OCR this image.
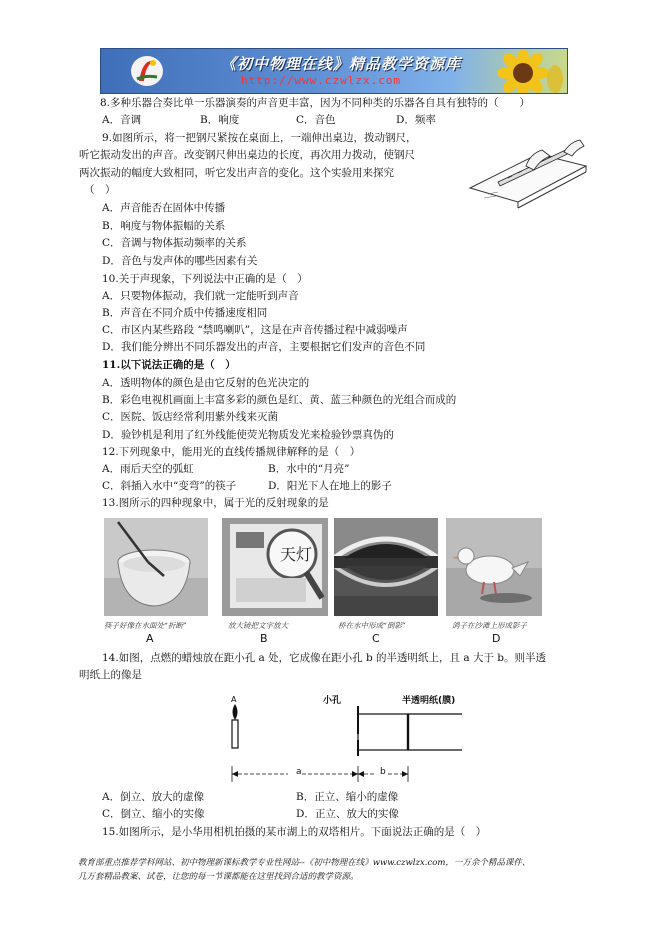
《初中物理在线》精品教学资源库
http://www.czwlzx.com
8.多种乐器合奏比单一乐器演奏的声音更丰富，因为不同种类的乐器各自具有独特的（　　）
A．音调	B．响度	C．音色	D．频率
9.如图所示，将一把钢尺紧按在桌面上，一端伸出桌边，拨动钢尺，
听它振动发出的声音。改变钢尺伸出桌边的长度，再次用力拨动，使钢尺
两次振动的幅度大致相同，听它发出声音的变化。这个实验用来探究
（　）
A．声音能否在固体中传播
B．响度与物体振幅的关系
C．音调与物体振动频率的关系
D．音色与发声体的哪些因素有关
10.关于声现象，下列说法中正确的是（　）
A．只要物体振动，我们就一定能听到声音
B．声音在不同介质中传播速度相同
C．市区内某些路段 “禁鸣喇叭”，这是在声音传播过程中减弱噪声
D．我们能分辨出不同乐器发出的声音，主要根据它们发声的音色不同
11.以下说法正确的是（　）
A．透明物体的颜色是由它反射的色光决定的
B．彩色电视机画面上丰富多彩的颜色是红、黄、蓝三种颜色的光组合而成的
C．医院、饭店经常利用紫外线来灭菌
D．验钞机是利用了红外线能使荧光物质发光来检验钞票真伪的
12.下列现象中，能用光的直线传播规律解释的是（　）
A．雨后天空的弧虹	B．水中的“月亮”
C．斜插入水中“变弯”的筷子	D．阳光下人在地上的影子
13.图所示的四种现象中，属于光的反射现象的是
天灯
筷子好像在水面处“折断”	放大镜把文字放大	桥在水中形成“倒影”	鸽子在沙滩上形成影子
A	B	C	D
14.如图，点燃的蜡烛放在距小孔 a 处，它成像在距小孔 b 的半透明纸上，且 a 大于 b。则半透
明纸上的像是
A	小孔	半透明纸(膜)
a	b
A．倒立、放大的虚像	B．正立、缩小的虚像
C．倒立、缩小的实像	D．正立、放大的实像
15.如图所示，是小华用相机拍摄的某市湖上的双塔相片。下面说法正确的是（　）
教育部重点推荐学科网站、初中物理新课标教学专业性网站--《初中物理在线》www.czwlzx.com，一万余个精品课件、
几万套精品教案、试卷，让您的每一节课都能在这里找到合适的教学资源。
